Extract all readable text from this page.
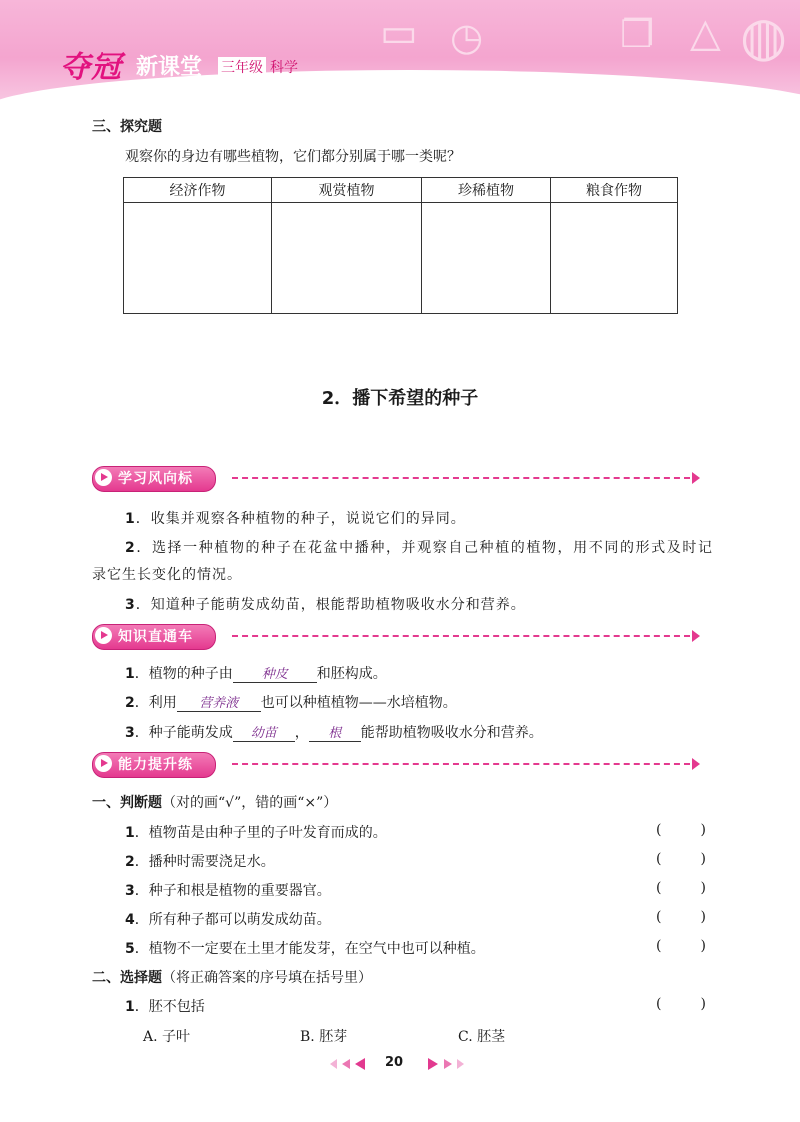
▭ ◷	❐ △ ◍
夺冠 新课堂 三年级 科学
三、探究题
观察你的身边有哪些植物，它们都分别属于哪一类呢？
经济作物	观赏植物	珍稀植物	粮食作物

2．播下希望的种子
学习风向标
1．收集并观察各种植物的种子，说说它们的异同。
2．选择一种植物的种子在花盆中播种，并观察自己种植的植物，用不同的形式及时记
录它生长变化的情况。
3．知道种子能萌发成幼苗，根能帮助植物吸收水分和营养。
知识直通车
1．植物的种子由 种皮 和胚构成。
2．利用 营养液 也可以种植植物——水培植物。
3．种子能萌发成 幼苗 ， 根 能帮助植物吸收水分和营养。
能力提升练
一、判断题（对的画“√”，错的画“×”）
1．植物苗是由种子里的子叶发育而成的。	(	)
2．播种时需要浇足水。	(	)
3．种子和根是植物的重要器官。	(	)
4．所有种子都可以萌发成幼苗。	(	)
5．植物不一定要在土里才能发芽，在空气中也可以种植。	(	)
二、选择题（将正确答案的序号填在括号里）
1．胚不包括	(	)
A. 子叶	B. 胚芽	C. 胚茎
20
